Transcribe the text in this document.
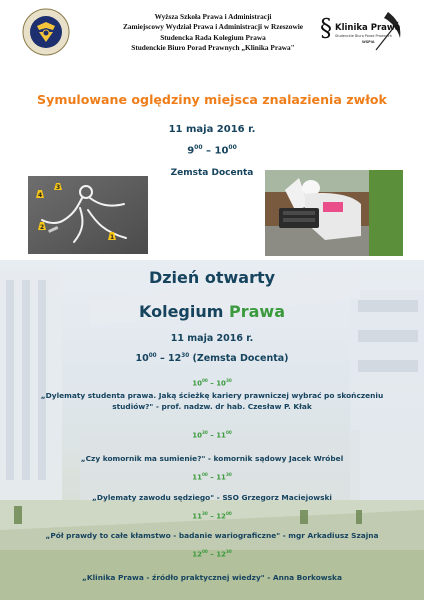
Wyższa Szkoła Prawa i Administracji
Zamiejscowy Wydział Prawa i Administracji w Rzeszowie
Studencka Rada Kolegium Prawa
Studenckie Biuro Porad Prawnych „Klinika Prawa"
§ Klinika Prawa
Studenckie Biuro Porad Prawnych
WSPiA
Symulowane oględziny miejsca znalazienia zwłok
11 maja 2016 r.
$9^{00} - 10^{00}$
Zemsta Docenta
4
3
2
1
Dzień otwarty
Kolegium Prawa
11 maja 2016 r.
$10^{00} - 12^{30}$ (Zemsta Docenta)
$10^{00} - 10^{30}$
„Dylematy studenta prawa. Jaką ścieżkę kariery prawniczej wybrać po skończeniu studiów?" - prof. nadzw. dr hab. Czesław P. Kłak
$10^{30} - 11^{00}$
„Czy komornik ma sumienie?" - komornik sądowy Jacek Wróbel
$11^{00} - 11^{30}$
„Dylematy zawodu sędziego" - SSO Grzegorz Maciejowski
$11^{30} - 12^{00}$
„Pół prawdy to całe kłamstwo - badanie wariograficzne" - mgr Arkadiusz Szajna
$12^{00} - 12^{30}$
„Klinika Prawa - źródło praktycznej wiedzy" - Anna Borkowska
